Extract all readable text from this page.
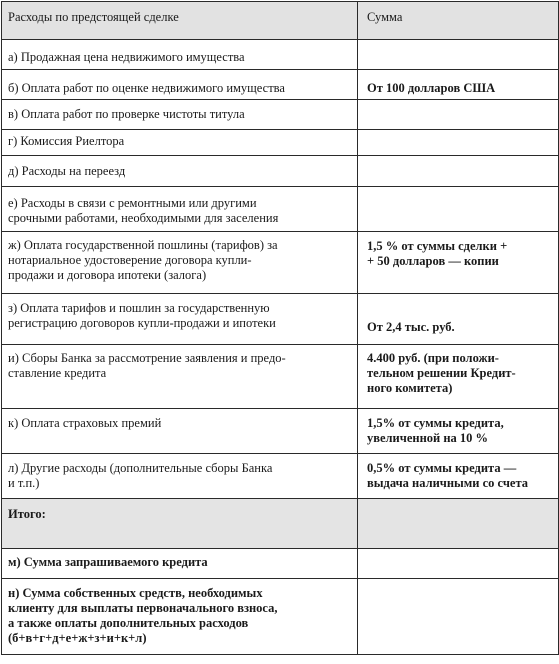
Расходы по предстоящей сделке	Сумма
а) Продажная цена недвижимого имущества	
б) Оплата работ по оценке недвижимого имущества	От 100 долларов США
в) Оплата работ по проверке чистоты титула	
г) Комиссия Риелтора	
д) Расходы на переезд	
е) Расходы в связи с ремонтными или другими
срочными работами, необходимыми для заселения	
ж) Оплата государственной пошлины (тарифов) за
нотариальное удостоверение договора купли-
продажи и договора ипотеки (залога)	1,5 % от суммы сделки +
+ 50 долларов — копии
з) Оплата тарифов и пошлин за государственную
регистрацию договоров купли-продажи и ипотеки	От 2,4 тыс. руб.
и) Сборы Банка за рассмотрение заявления и предо-
ставление кредита	4.400 руб. (при положи-
тельном решении Кредит-
ного комитета)
к) Оплата страховых премий	1,5% от суммы кредита,
увеличенной на 10 %
л) Другие расходы (дополнительные сборы Банка
и т.п.)	0,5% от суммы кредита —
выдача наличными со счета
Итого:	
м) Сумма запрашиваемого кредита	
н) Сумма собственных средств, необходимых
клиенту для выплаты первоначального взноса,
а также оплаты дополнительных расходов
(б+в+г+д+е+ж+з+и+к+л)	
